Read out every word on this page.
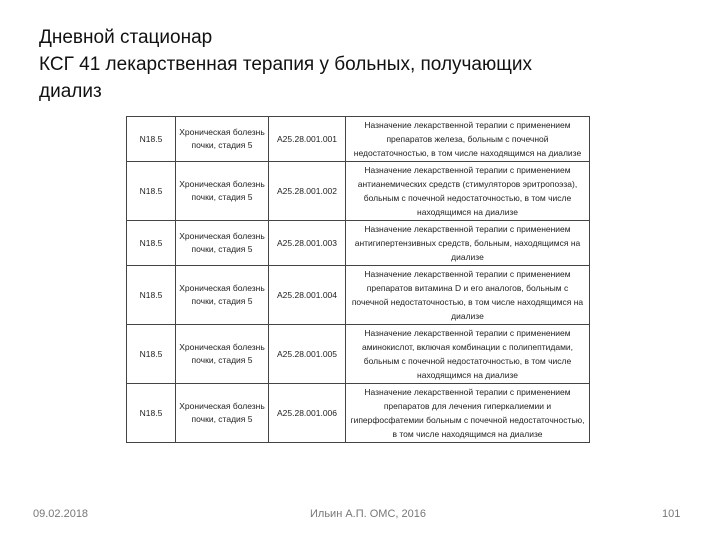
Дневной стационар
КСГ 41 лекарственная терапия у больных, получающих
диализ
N18.5	Хроническая болезнь почки, стадия 5	A25.28.001.001	Назначение лекарственной терапии с применением препаратов железа, больным с почечной недостаточностью, в том числе находящимся на диализе
N18.5	Хроническая болезнь почки, стадия 5	A25.28.001.002	Назначение лекарственной терапии с применением антианемических средств (стимуляторов эритропоэза), больным с почечной недостаточностью, в том числе находящимся на диализе
N18.5	Хроническая болезнь почки, стадия 5	A25.28.001.003	Назначение лекарственной терапии с применением антигипертензивных средств, больным, находящимся на диализе
N18.5	Хроническая болезнь почки, стадия 5	A25.28.001.004	Назначение лекарственной терапии с применением препаратов витамина D и его аналогов, больным с почечной недостаточностью, в том числе находящимся на диализе
N18.5	Хроническая болезнь почки, стадия 5	A25.28.001.005	Назначение лекарственной терапии с применением аминокислот, включая комбинации с полипептидами, больным с почечной недостаточностью, в том числе находящимся на диализе
N18.5	Хроническая болезнь почки, стадия 5	A25.28.001.006	Назначение лекарственной терапии с применением препаратов для лечения гиперкалиемии и гиперфосфатемии больным с почечной недостаточностью, в том числе находящимся на диализе
09.02.2018	Ильин А.П. ОМС, 2016	101
